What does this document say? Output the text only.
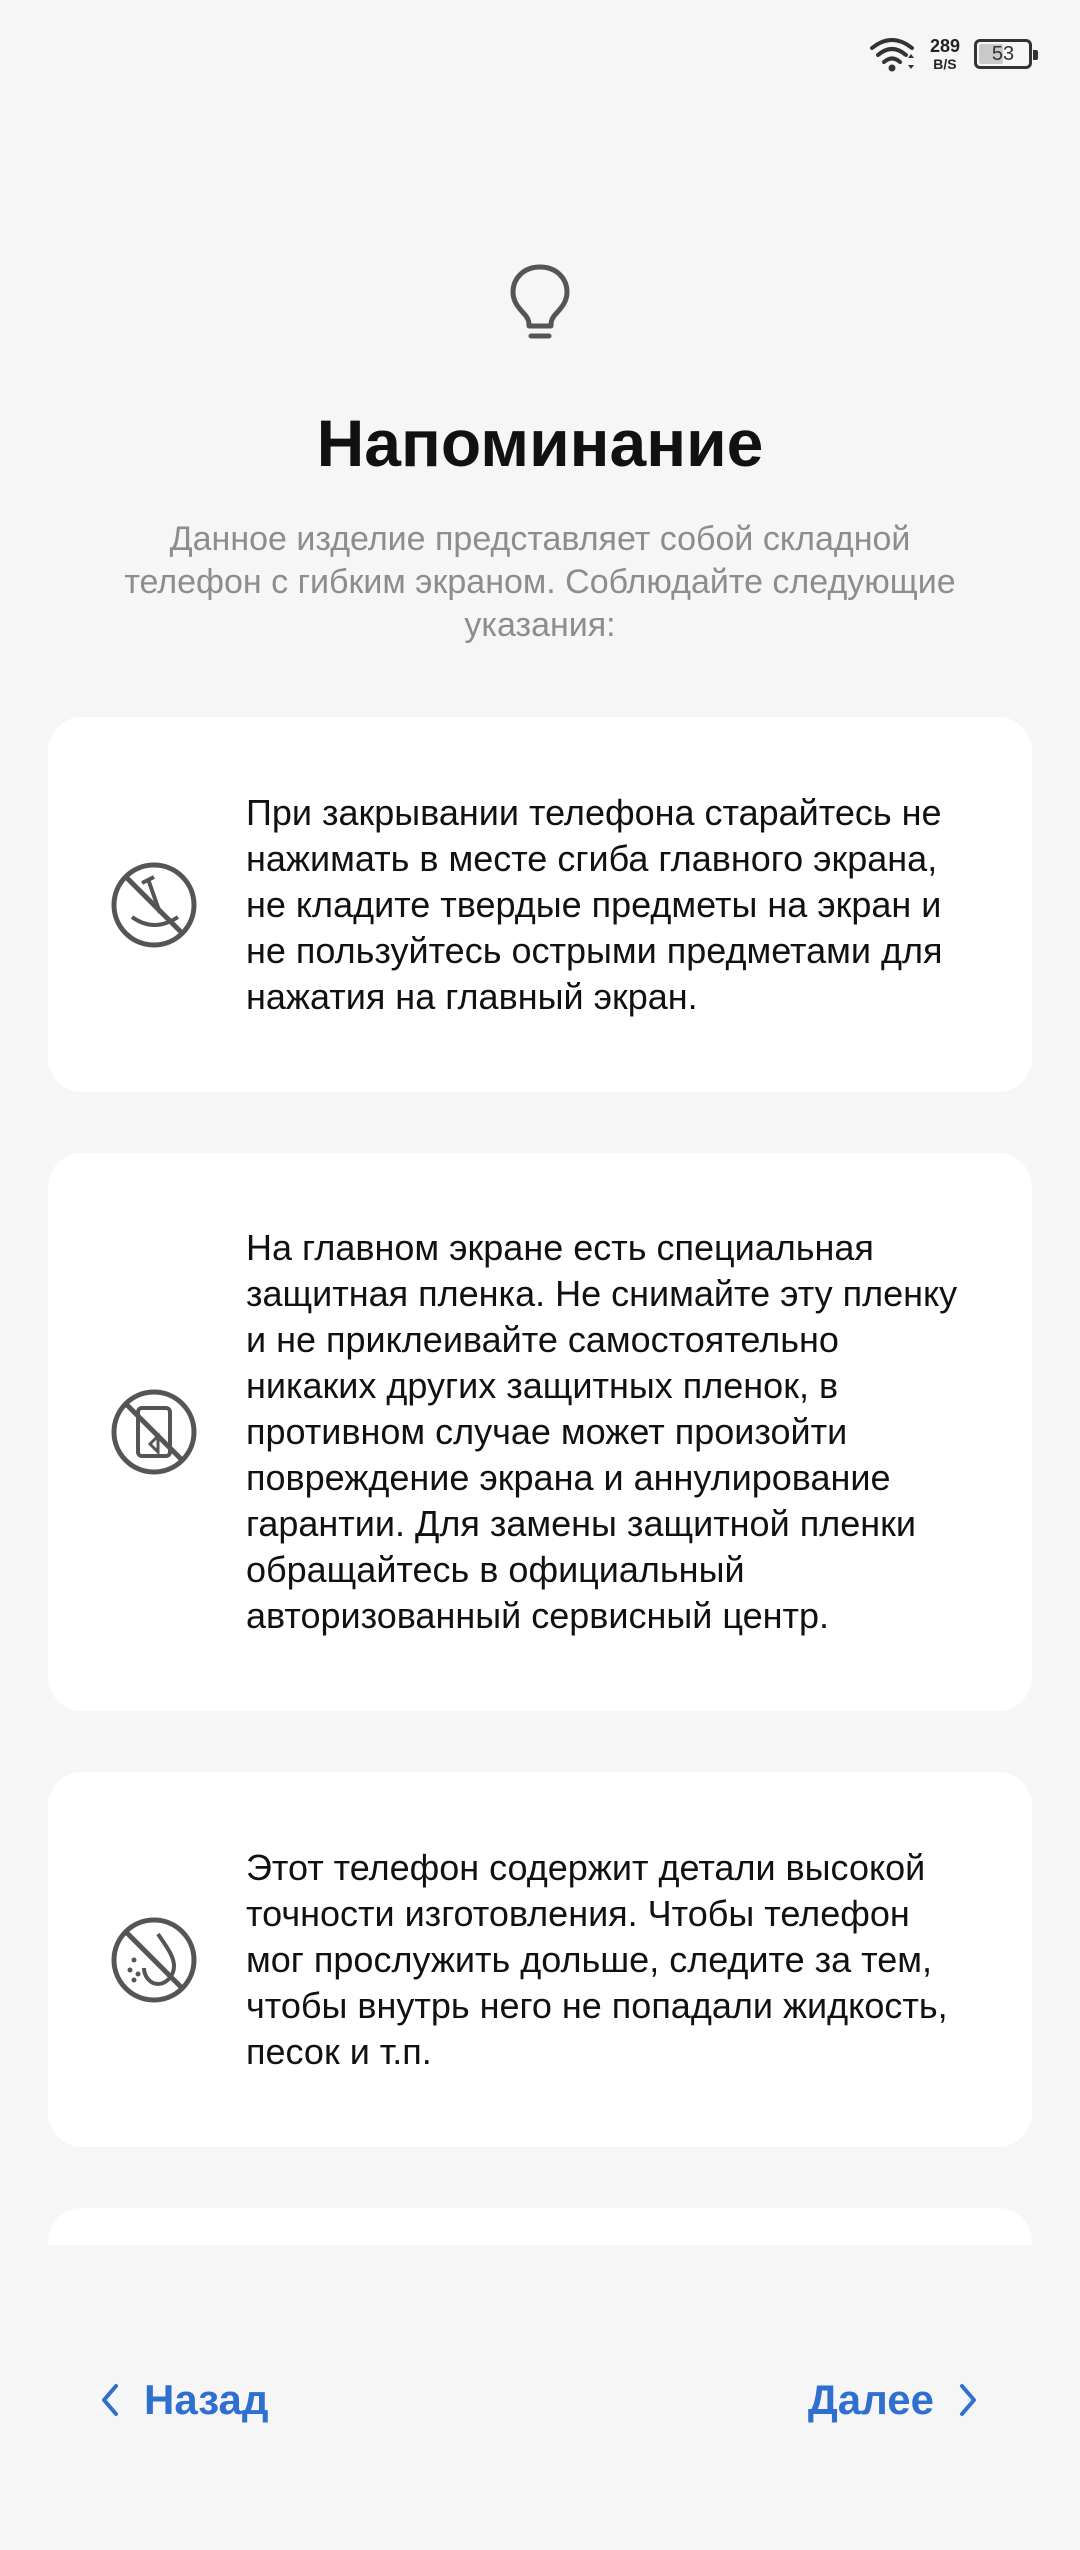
289
B/S 53
Напоминание

Данное изделие представляет собой складной телефон с гибким экраном. Соблюдайте следующие указания:

При закрывании телефона старайтесь не нажимать в месте сгиба главного экрана, не кладите твердые предметы на экран и не пользуйтесь острыми предметами для нажатия на главный экран.
На главном экране есть специальная защитная пленка. Не снимайте эту пленку и не приклеивайте самостоятельно никаких других защитных пленок, в противном случае может произойти повреждение экрана и аннулирование гарантии. Для замены защитной пленки обращайтесь в официальный авторизованный сервисный центр.
Этот телефон содержит детали высокой точности изготовления. Чтобы телефон мог прослужить дольше, следите за тем, чтобы внутрь него не попадали жидкость, песок и т.п.
Назад	Далее
